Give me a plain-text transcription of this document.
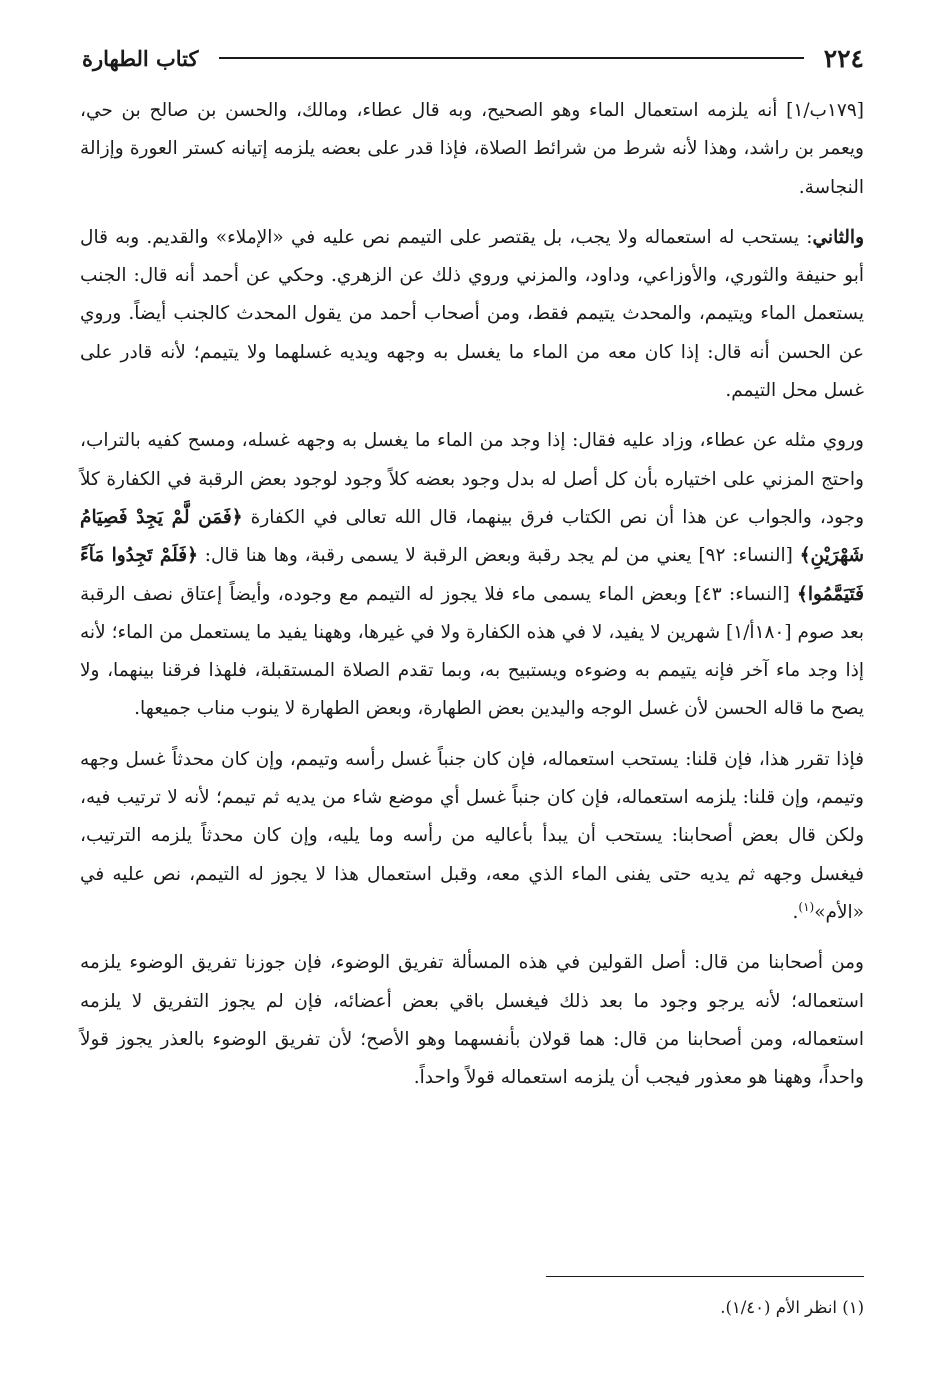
٢٢٤
كتاب الطهارة

[١٧٩ب/١] أنه يلزمه استعمال الماء وهو الصحيح، وبه قال عطاء، ومالك، والحسن بن صالح بن حي، ويعمر بن راشد، وهذا لأنه شرط من شرائط الصلاة، فإذا قدر على بعضه يلزمه إتيانه كستر العورة وإزالة النجاسة.

والثاني: يستحب له استعماله ولا يجب، بل يقتصر على التيمم نص عليه في «الإملاء» والقديم. وبه قال أبو حنيفة والثوري، والأوزاعي، وداود، والمزني وروي ذلك عن الزهري. وحكي عن أحمد أنه قال: الجنب يستعمل الماء ويتيمم، والمحدث يتيمم فقط، ومن أصحاب أحمد من يقول المحدث كالجنب أيضاً. وروي عن الحسن أنه قال: إذا كان معه من الماء ما يغسل به وجهه ويديه غسلهما ولا يتيمم؛ لأنه قادر على غسل محل التيمم.

وروي مثله عن عطاء، وزاد عليه فقال: إذا وجد من الماء ما يغسل به وجهه غسله، ومسح كفيه بالتراب، واحتج المزني على اختياره بأن كل أصل له بدل وجود بعضه كلاً وجود لوجود بعض الرقبة في الكفارة كلاً وجود، والجواب عن هذا أن نص الكتاب فرق بينهما، قال الله تعالى في الكفارة ﴿فَمَن لَّمْ يَجِدْ فَصِيَامُ شَهْرَيْنِ﴾ [النساء: ٩٢] يعني من لم يجد رقبة وبعض الرقبة لا يسمى رقبة، وها هنا قال: ﴿فَلَمْ تَجِدُوا مَآءً فَتَيَمَّمُوا﴾ [النساء: ٤٣] وبعض الماء يسمى ماء فلا يجوز له التيمم مع وجوده، وأيضاً إعتاق نصف الرقبة بعد صوم [١٨٠أ/١] شهرين لا يفيد، لا في هذه الكفارة ولا في غيرها، وههنا يفيد ما يستعمل من الماء؛ لأنه إذا وجد ماء آخر فإنه يتيمم به وضوءه ويستبيح به، وبما تقدم الصلاة المستقبلة، فلهذا فرقنا بينهما، ولا يصح ما قاله الحسن لأن غسل الوجه واليدين بعض الطهارة، وبعض الطهارة لا ينوب مناب جميعها.

فإذا تقرر هذا، فإن قلنا: يستحب استعماله، فإن كان جنباً غسل رأسه وتيمم، وإن كان محدثاً غسل وجهه وتيمم، وإن قلنا: يلزمه استعماله، فإن كان جنباً غسل أي موضع شاء من يديه ثم تيمم؛ لأنه لا ترتيب فيه، ولكن قال بعض أصحابنا: يستحب أن يبدأ بأعاليه من رأسه وما يليه، وإن كان محدثاً يلزمه الترتيب، فيغسل وجهه ثم يديه حتى يفنى الماء الذي معه، وقبل استعمال هذا لا يجوز له التيمم، نص عليه في «الأم»$^{(١)}$.

ومن أصحابنا من قال: أصل القولين في هذه المسألة تفريق الوضوء، فإن جوزنا تفريق الوضوء يلزمه استعماله؛ لأنه يرجو وجود ما بعد ذلك فيغسل باقي بعض أعضائه، فإن لم يجوز التفريق لا يلزمه استعماله، ومن أصحابنا من قال: هما قولان بأنفسهما وهو الأصح؛ لأن تفريق الوضوء بالعذر يجوز قولاً واحداً، وههنا هو معذور فيجب أن يلزمه استعماله قولاً واحداً.

(١) انظر الأم (١/٤٠).
